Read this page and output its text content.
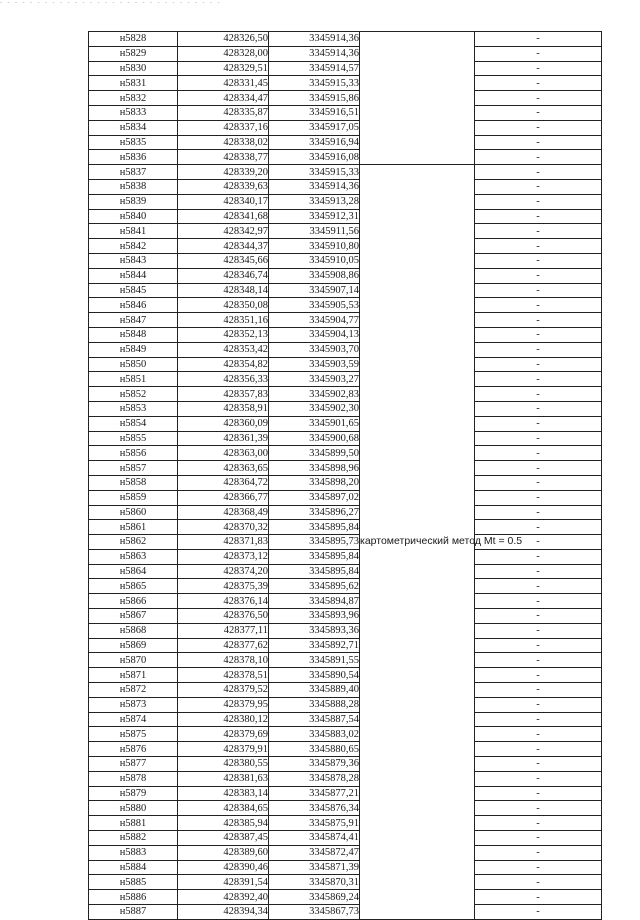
- - - - - - - - - - - - - - - - - - - - - - - - - - - - - -
н5828	428326,50	3345914,36		-
н5829	428328,00	3345914,36		-
н5830	428329,51	3345914,57		-
н5831	428331,45	3345915,33		-
н5832	428334,47	3345915,86		-
н5833	428335,87	3345916,51		-
н5834	428337,16	3345917,05		-
н5835	428338,02	3345916,94		-
н5836	428338,77	3345916,08		-
н5837	428339,20	3345915,33	картометрический метод Mt = 0.5	-
н5838	428339,63	3345914,36		-
н5839	428340,17	3345913,28		-
н5840	428341,68	3345912,31		-
н5841	428342,97	3345911,56		-
н5842	428344,37	3345910,80		-
н5843	428345,66	3345910,05		-
н5844	428346,74	3345908,86		-
н5845	428348,14	3345907,14		-
н5846	428350,08	3345905,53		-
н5847	428351,16	3345904,77		-
н5848	428352,13	3345904,13		-
н5849	428353,42	3345903,70		-
н5850	428354,82	3345903,59		-
н5851	428356,33	3345903,27		-
н5852	428357,83	3345902,83		-
н5853	428358,91	3345902,30		-
н5854	428360,09	3345901,65		-
н5855	428361,39	3345900,68		-
н5856	428363,00	3345899,50		-
н5857	428363,65	3345898,96		-
н5858	428364,72	3345898,20		-
н5859	428366,77	3345897,02		-
н5860	428368,49	3345896,27		-
н5861	428370,32	3345895,84		-
н5862	428371,83	3345895,73		-
н5863	428373,12	3345895,84		-
н5864	428374,20	3345895,84		-
н5865	428375,39	3345895,62		-
н5866	428376,14	3345894,87		-
н5867	428376,50	3345893,96		-
н5868	428377,11	3345893,36		-
н5869	428377,62	3345892,71		-
н5870	428378,10	3345891,55		-
н5871	428378,51	3345890,54		-
н5872	428379,52	3345889,40		-
н5873	428379,95	3345888,28		-
н5874	428380,12	3345887,54		-
н5875	428379,69	3345883,02		-
н5876	428379,91	3345880,65		-
н5877	428380,55	3345879,36		-
н5878	428381,63	3345878,28		-
н5879	428383,14	3345877,21		-
н5880	428384,65	3345876,34		-
н5881	428385,94	3345875,91		-
н5882	428387,45	3345874,41		-
н5883	428389,60	3345872,47		-
н5884	428390,46	3345871,39		-
н5885	428391,54	3345870,31		-
н5886	428392,40	3345869,24		-
н5887	428394,34	3345867,73		-
